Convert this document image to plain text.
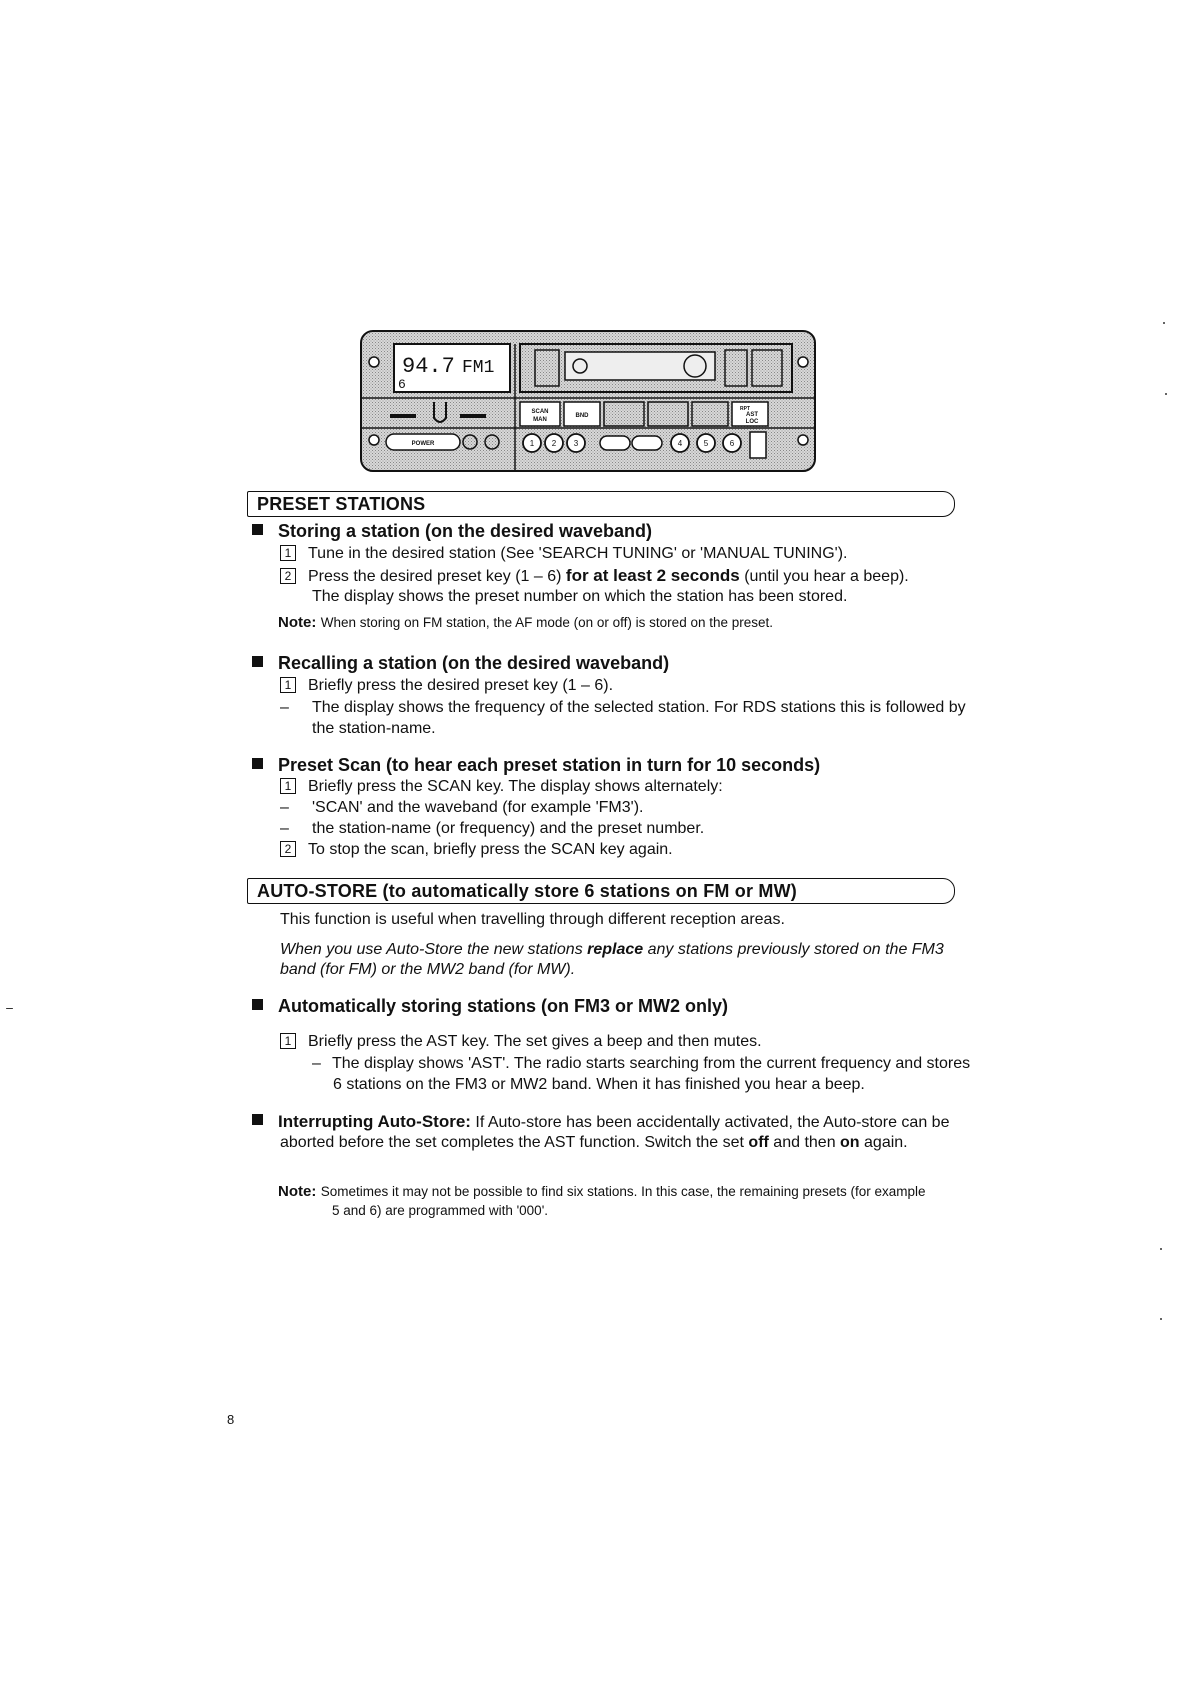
94.7 FM1
6
SCAN
MAN
BND
RPT
AST
LOC
POWER	1 2 3	4	5	6
PRESET STATIONS
Storing a station (on the desired waveband)
1 Tune in the desired station (See 'SEARCH TUNING' or 'MANUAL TUNING').
2 Press the desired preset key (1 – 6) for at least 2 seconds (until you hear a beep).
The display shows the preset number on which the station has been stored.
Note: When storing on FM station, the AF mode (on or off) is stored on the preset.
Recalling a station (on the desired waveband)
1 Briefly press the desired preset key (1 – 6).
– The display shows the frequency of the selected station. For RDS stations this is followed by
the station-name.
Preset Scan (to hear each preset station in turn for 10 seconds)
1 Briefly press the SCAN key. The display shows alternately:
– 'SCAN' and the waveband (for example 'FM3').
– the station-name (or frequency) and the preset number.
2 To stop the scan, briefly press the SCAN key again.
AUTO-STORE (to automatically store 6 stations on FM or MW)
This function is useful when travelling through different reception areas.
When you use Auto-Store the new stations replace any stations previously stored on the FM3
band (for FM) or the MW2 band (for MW).
Automatically storing stations (on FM3 or MW2 only)
1 Briefly press the AST key. The set gives a beep and then mutes.
– The display shows 'AST'. The radio starts searching from the current frequency and stores
6 stations on the FM3 or MW2 band. When it has finished you hear a beep.
Interrupting Auto-Store: If Auto-store has been accidentally activated, the Auto-store can be
aborted before the set completes the AST function. Switch the set off and then on again.
Note: Sometimes it may not be possible to find six stations. In this case, the remaining presets (for example
5 and 6) are programmed with '000'.
8
